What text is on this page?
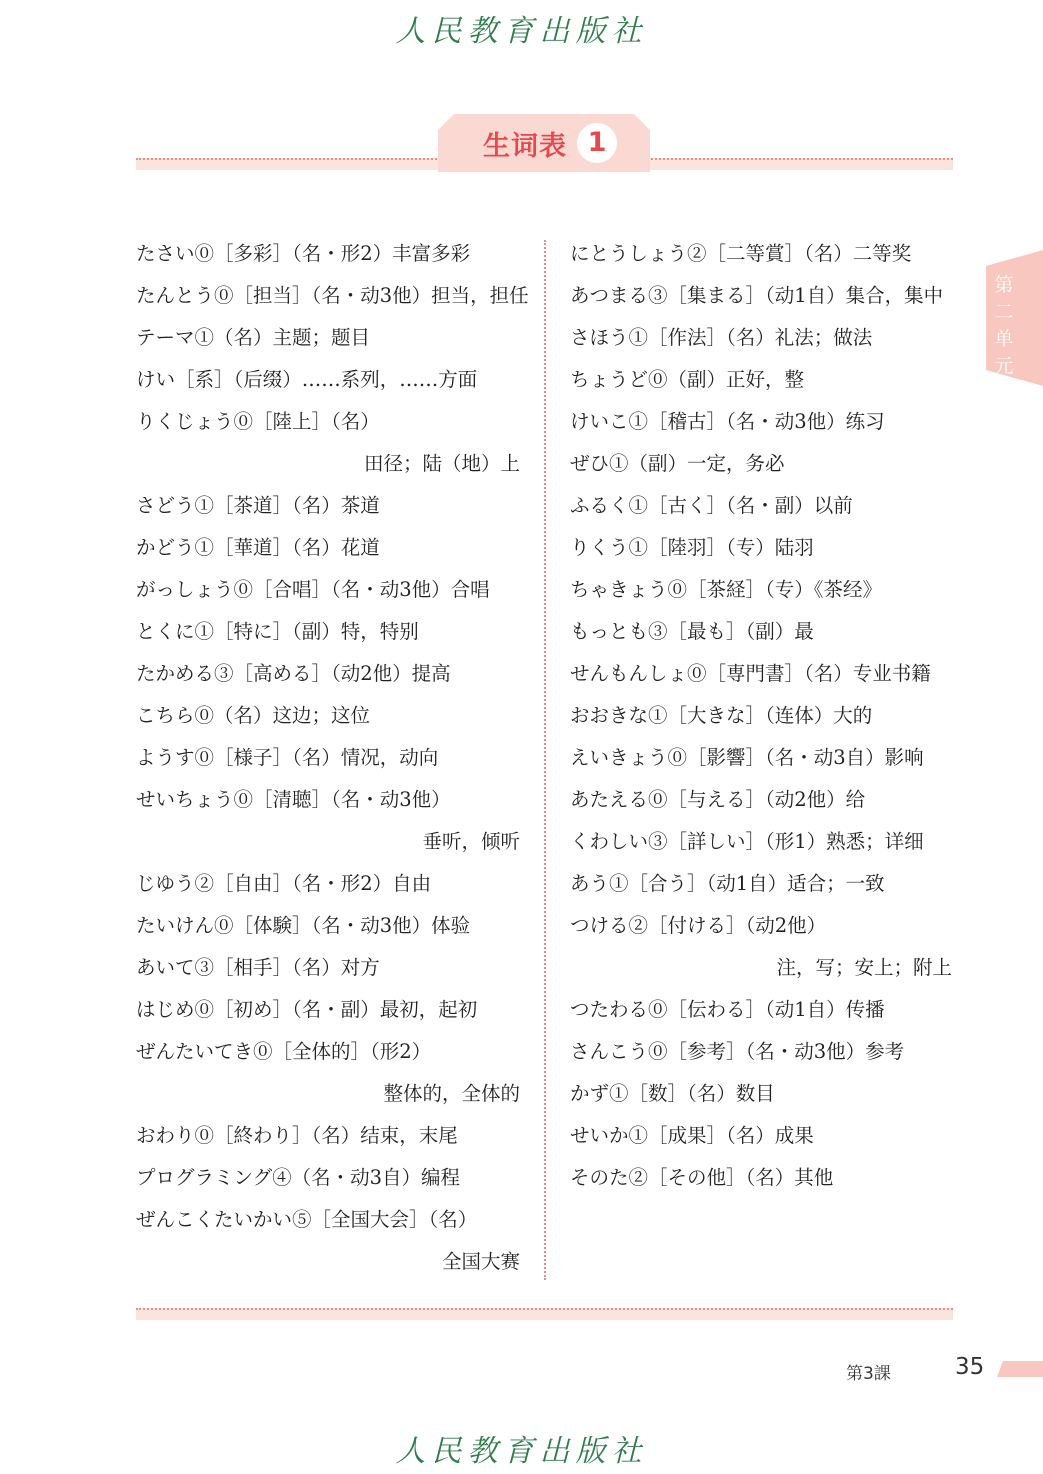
人民教育出版社
生词表 1
第
二
单
元
たさい⓪［多彩］（名・形2）丰富多彩
たんとう⓪［担当］（名・动3他）担当，担任
テーマ①（名）主题；题目
けい［系］（后缀）……系列，……方面
りくじょう⓪［陸上］（名）
田径；陆（地）上
さどう①［茶道］（名）茶道
かどう①［華道］（名）花道
がっしょう⓪［合唱］（名・动3他）合唱
とくに①［特に］（副）特，特别
たかめる③［高める］（动2他）提高
こちら⓪（名）这边；这位
ようす⓪［様子］（名）情况，动向
せいちょう⓪［清聴］（名・动3他）
垂听，倾听
じゆう②［自由］（名・形2）自由
たいけん⓪［体験］（名・动3他）体验
あいて③［相手］（名）对方
はじめ⓪［初め］（名・副）最初，起初
ぜんたいてき⓪［全体的］（形2）
整体的，全体的
おわり⓪［終わり］（名）结束，末尾
プログラミング④（名・动3自）编程
ぜんこくたいかい⑤［全国大会］（名）
全国大赛
にとうしょう②［二等賞］（名）二等奖
あつまる③［集まる］（动1自）集合，集中
さほう①［作法］（名）礼法；做法
ちょうど⓪（副）正好，整
けいこ①［稽古］（名・动3他）练习
ぜひ①（副）一定，务必
ふるく①［古く］（名・副）以前
りくう①［陸羽］（专）陆羽
ちゃきょう⓪［茶経］（专）《茶经》
もっとも③［最も］（副）最
せんもんしょ⓪［専門書］（名）专业书籍
おおきな①［大きな］（连体）大的
えいきょう⓪［影響］（名・动3自）影响
あたえる⓪［与える］（动2他）给
くわしい③［詳しい］（形1）熟悉；详细
あう①［合う］（动1自）适合；一致
つける②［付ける］（动2他）
注，写；安上；附上
つたわる⓪［伝わる］（动1自）传播
さんこう⓪［参考］（名・动3他）参考
かず①［数］（名）数目
せいか①［成果］（名）成果
そのた②［その他］（名）其他
第3課	35
人民教育出版社
